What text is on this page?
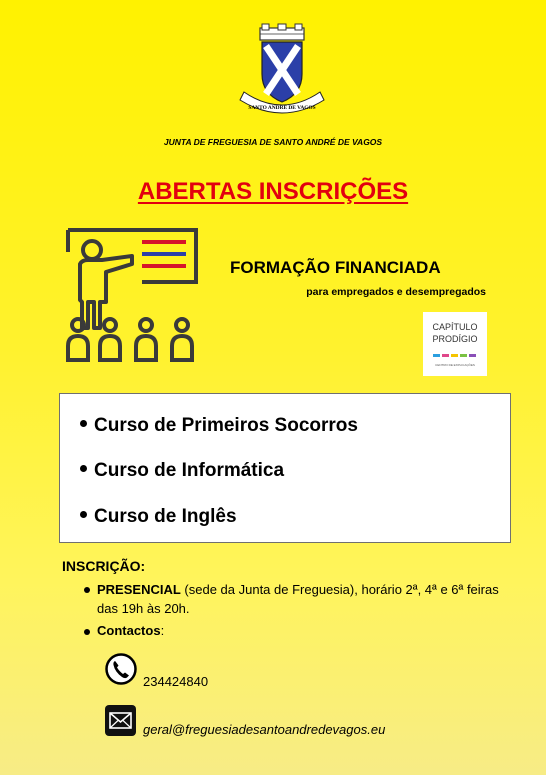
SANTO ANDRÉ DE VAGOS
JUNTA DE FREGUESIA DE SANTO ANDRÉ DE VAGOS
ABERTAS INSCRIÇÕES
FORMAÇÃO FINANCIADA
para empregados e desempregados
CAPÍTULO
PRODÍGIO
CENTRO DE EXPLICAÇÕES
Curso de Primeiros Socorros
Curso de Informática
Curso de Inglês
INSCRIÇÃO:
PRESENCIAL (sede da Junta de Freguesia), horário 2ª, 4ª e 6ª feiras das 19h às 20h.
Contactos:
234424840
geral@freguesiadesantoandredevagos.eu
